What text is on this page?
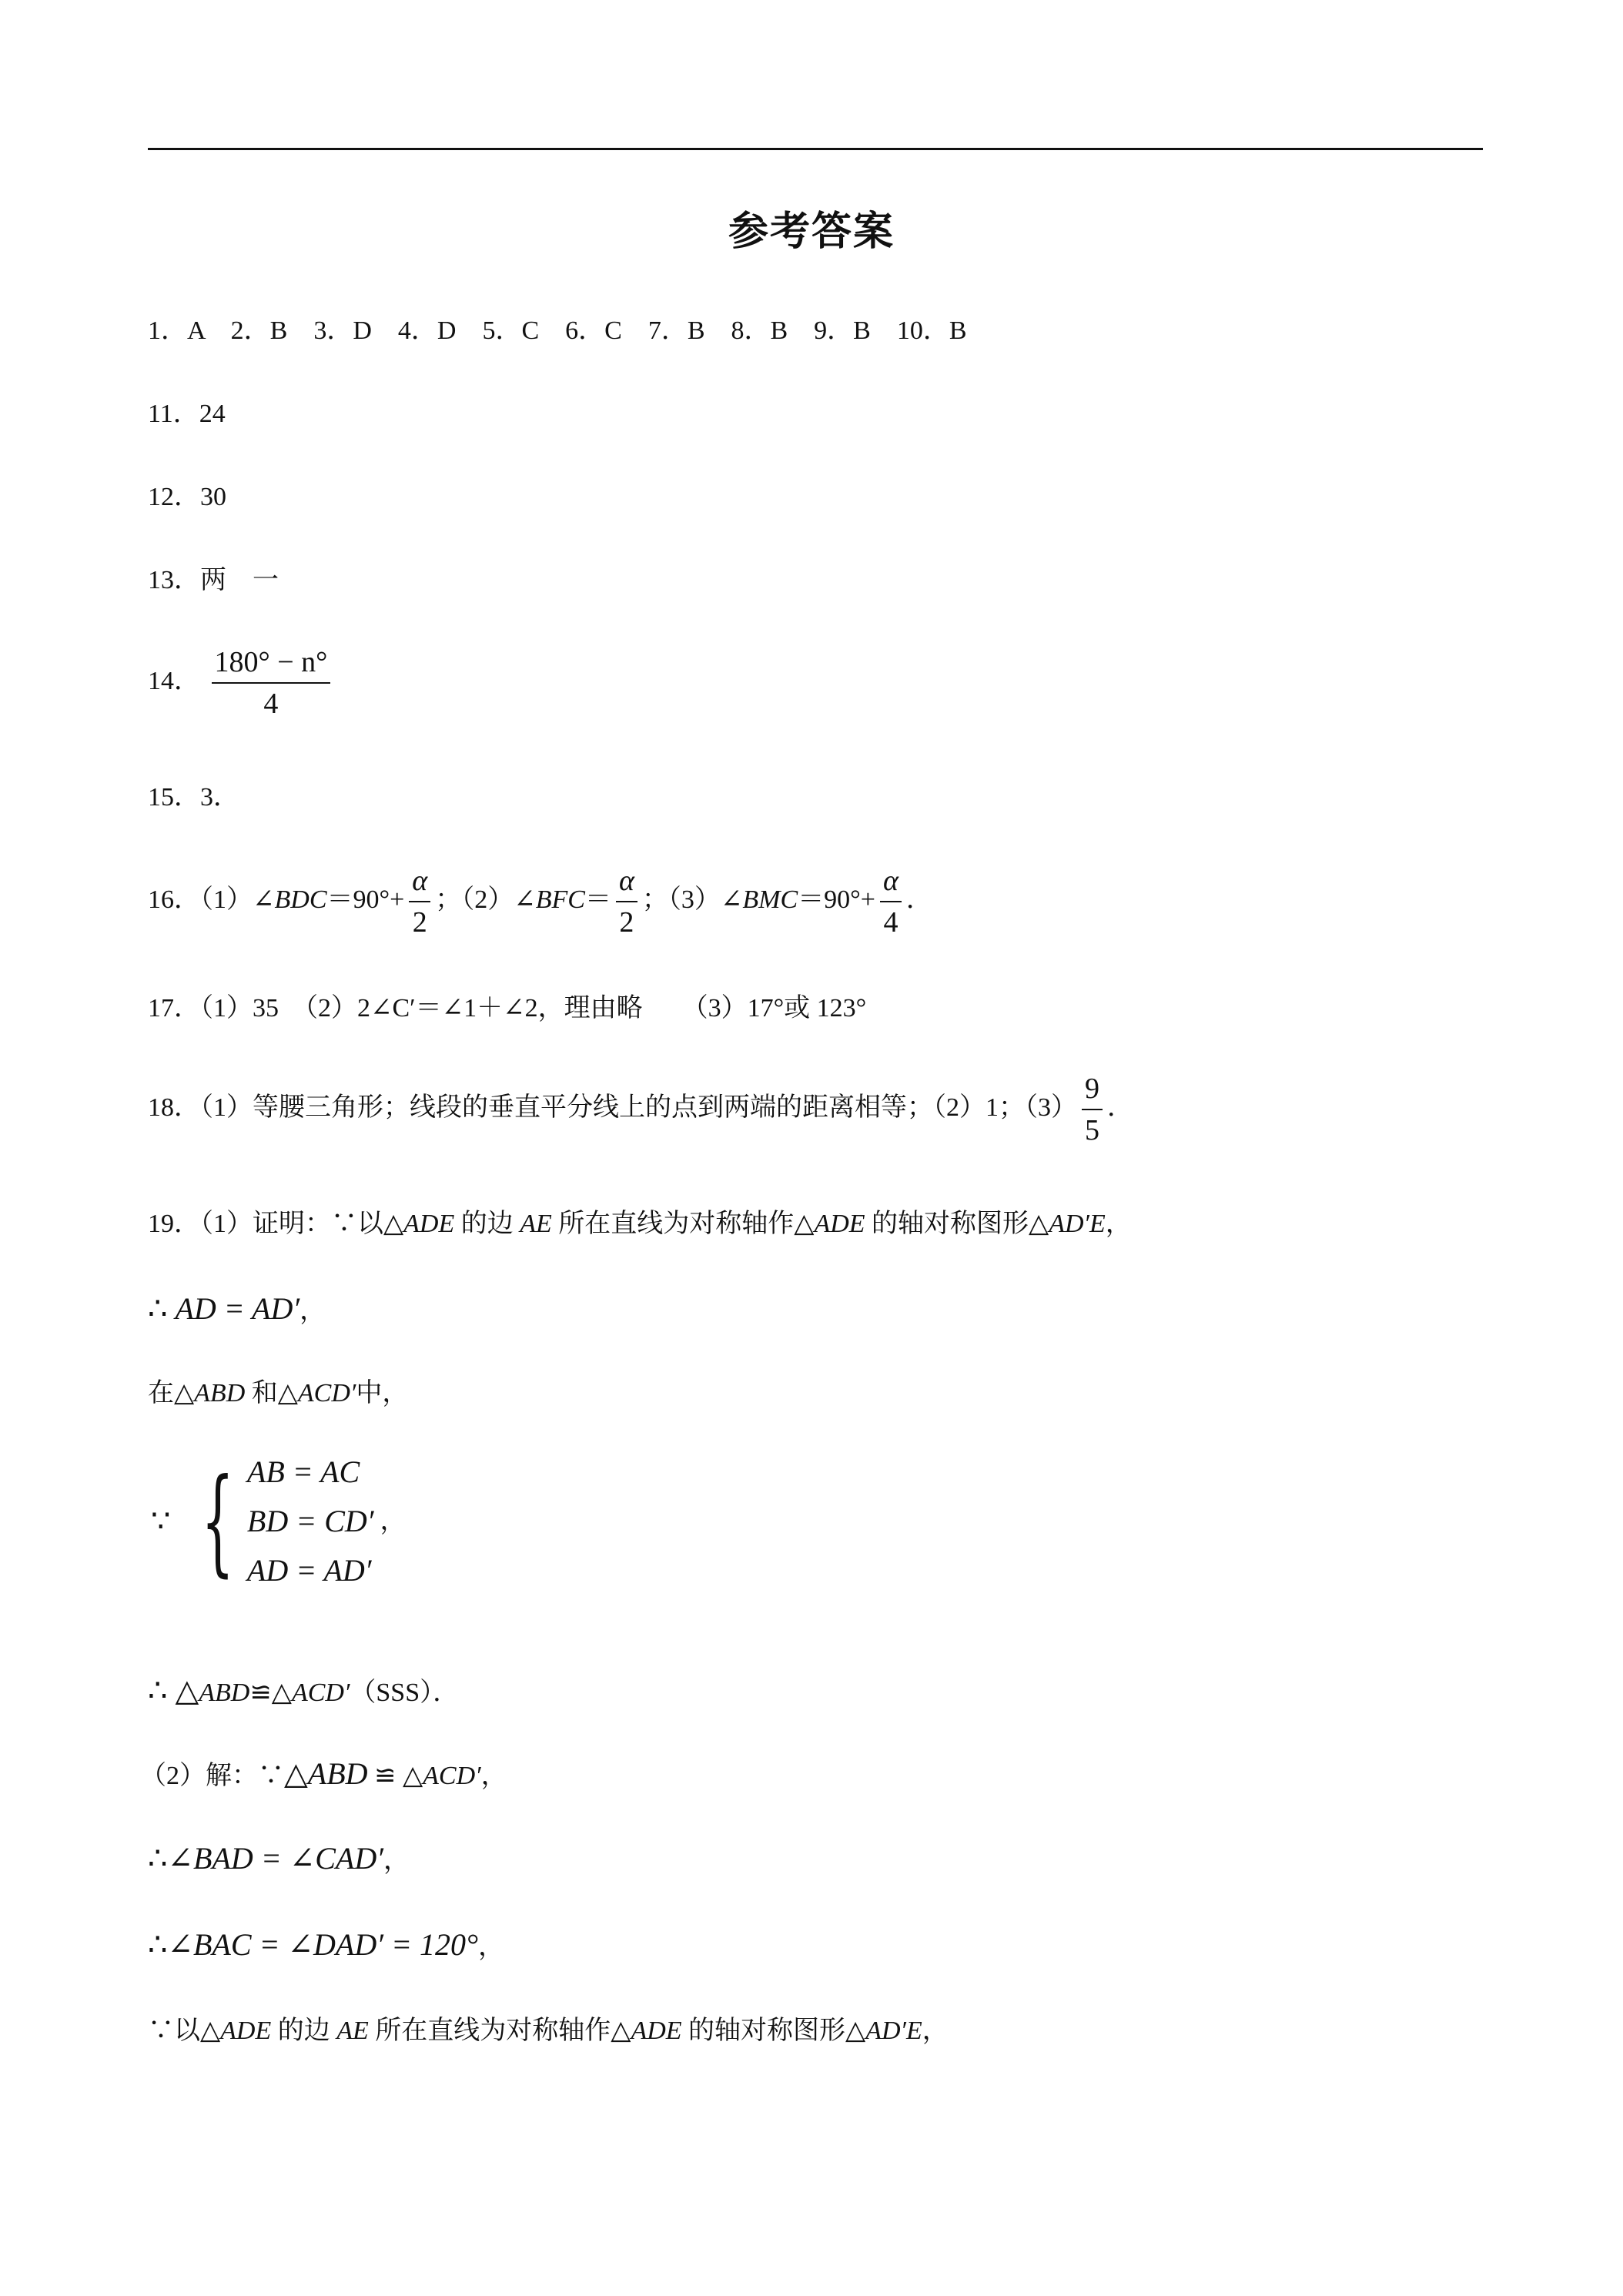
参考答案
1．A　2．B　3．D　4．D　5．C　6．C　7．B　8．B　9．B　10．B
11．24
12．30
13．两　一
14． $\frac{180^\circ - n^\circ}{4}$
15．3．
16．（1）∠BDC＝90°+ $\frac{\alpha}{2}$ ；（2）∠BFC＝ $\frac{\alpha}{2}$ ；（3）∠BMC＝90°+ $\frac{\alpha}{4}$ ．
17．（1）35　（2）2∠C′＝∠1＋∠2，理由略　　（3）17°或 123°
18．（1）等腰三角形；线段的垂直平分线上的点到两端的距离相等；（2）1；$(3) \frac{9}{5}$ ．
19．（1）证明：∵以△ADE 的边 AE 所在直线为对称轴作△ADE 的轴对称图形△AD′E，
∴ AD = AD′，
在△ABD 和△ACD′中，
∵ { AB = AC
BD = CD′
AD = AD′
，
∴ △ABD≌△ACD′（SSS）．
（2）解：∵△ABD ≌ △ACD′，
∴∠BAD = ∠CAD′，
∴∠BAC = ∠DAD′ = 120°，
∵以△ADE 的边 AE 所在直线为对称轴作△ADE 的轴对称图形△AD′E，
